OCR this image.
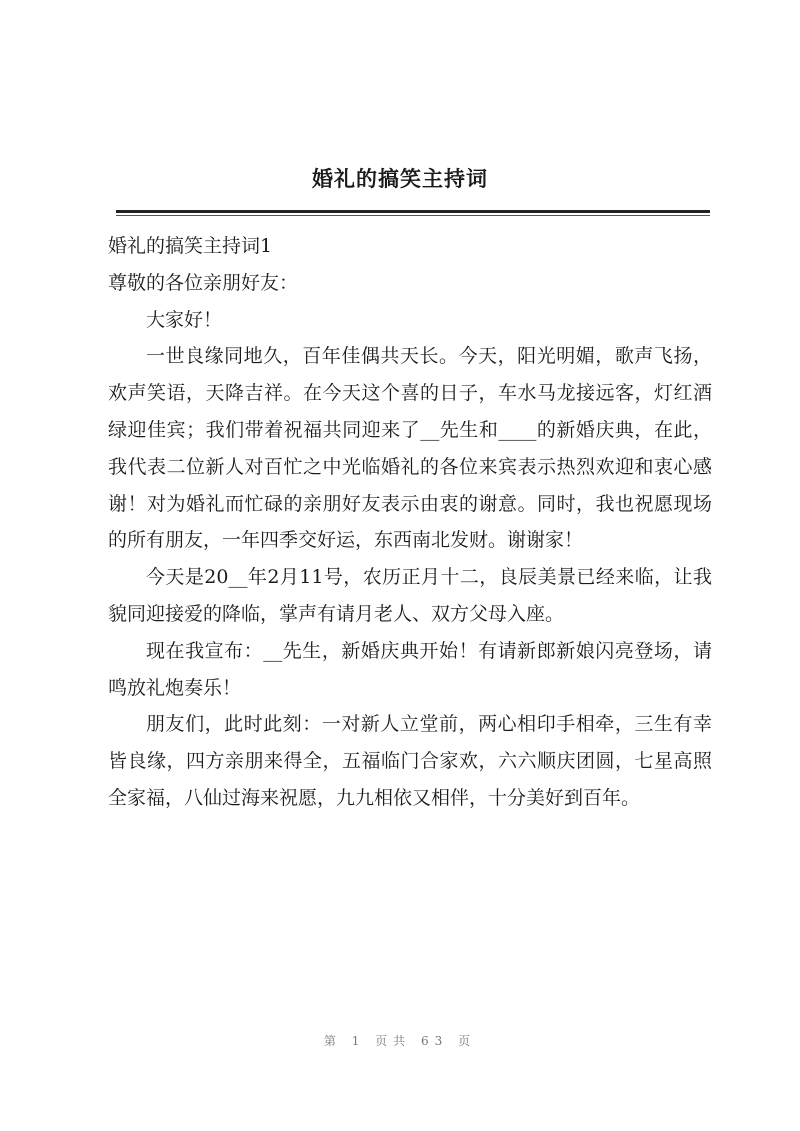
婚礼的搞笑主持词

婚礼的搞笑主持词1

尊敬的各位亲朋好友：

大家好！

一世良缘同地久，百年佳偶共天长。今天，阳光明媚，歌声飞扬，欢声笑语，天降吉祥。在今天这个喜的日子，车水马龙接远客，灯红酒绿迎佳宾；我们带着祝福共同迎来了__先生和____的新婚庆典，在此，我代表二位新人对百忙之中光临婚礼的各位来宾表示热烈欢迎和衷心感谢！对为婚礼而忙碌的亲朋好友表示由衷的谢意。同时，我也祝愿现场的所有朋友，一年四季交好运，东西南北发财。谢谢家！

今天是20__年2月11号，农历正月十二，良辰美景已经来临，让我貌同迎接爱的降临，掌声有请月老人、双方父母入座。

现在我宣布：__先生，新婚庆典开始！有请新郎新娘闪亮登场，请鸣放礼炮奏乐！

朋友们，此时此刻：一对新人立堂前，两心相印手相牵，三生有幸皆良缘，四方亲朋来得全，五福临门合家欢，六六顺庆团圆，七星高照全家福，八仙过海来祝愿，九九相依又相伴，十分美好到百年。

第 1 页共 63 页
